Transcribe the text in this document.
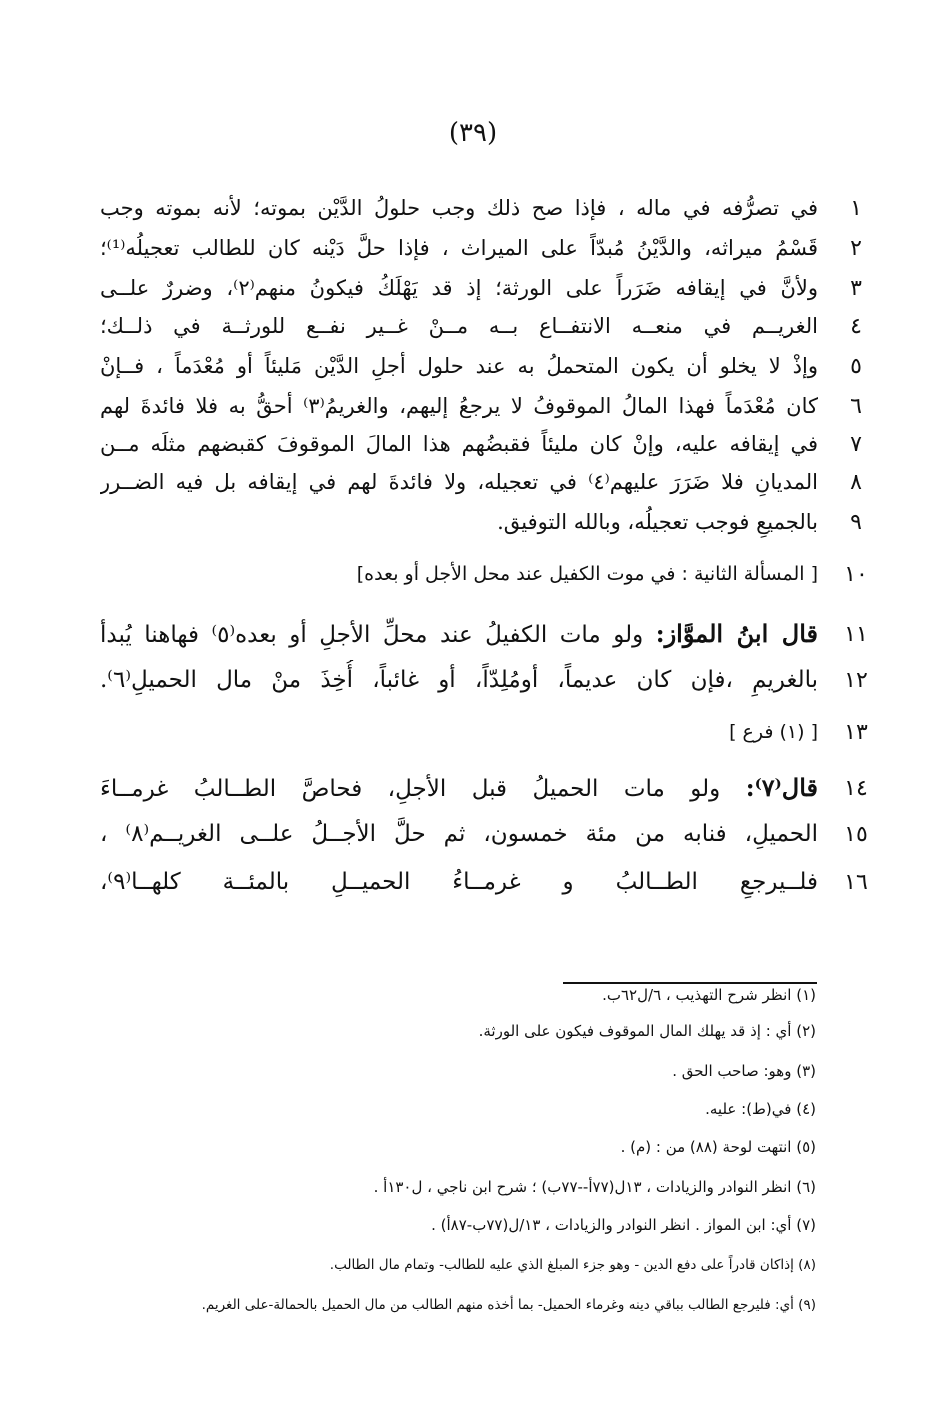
(٣٩)
١
في تصرُّفه في ماله ، فإذا صح ذلك وجب حلولُ الدَّيْن بموته؛ لأنه بموته وجب
٢
قَسْمُ ميراثه، والدَّيْنُ مُبدّاً على الميراث ، فإذا حلَّ دَيْنه كان للطالب تعجيلُه⁽¹⁾؛
٣
ولأنَّ في إيقافه ضَرَراً على الورثة؛ إذ قد يَهْلَكُ فيكونُ منهم⁽٢⁾، وضررٌ علــى
٤
الغريــم في منعــه الانتفــاع بــه مــنْ غــير نفــع للورثــة في ذلــك؛
٥
وإذْ لا يخلو أن يكون المتحملُ به عند حلول أجلِ الدَّيْن مَليئاً أو مُعْدَماً ، فــإنْ
٦
كان مُعْدَماً فهذا المالُ الموقوفُ لا يرجعُ إليهم، والغريمُ⁽٣⁾ أحقُّ به فلا فائدةَ لهم
٧
في إيقافه عليه، وإنْ كان مليئاً فقبضُهم هذا المالَ الموقوفَ كقبضهم مثلَه مــن
٨
المديانِ فلا ضَرَرَ عليهم⁽٤⁾ في تعجيله، ولا فائدةَ لهم في إيقافه بل فيه الضــرر
٩
بالجميعِ فوجب تعجيلُه، وبالله التوفيق.
١٠
[ المسألة الثانية : في موت الكفيل عند محل الأجل أو بعده]
١١
قال ابنُ الموَّاز: ولو مات الكفيلُ عند محلِّ الأجلِ أو بعده⁽٥⁾ فهاهنا يُبدأ
١٢
بالغريمِ ،فإن كان عديماً، أومُلِدّاً، أو غائباً، أُخِذَ منْ مال الحميلِ⁽٦⁾.
١٣
[ (١) فرع ]
١٤
قال⁽٧⁾: ولو مات الحميلُ قبل الأجلِ، فحاصَّ الطــالبُ غرمــاءَ
١٥
الحميلِ، فنابه من مئة خمسون، ثم حلَّ الأجــلُ علــى الغريــم⁽٨⁾ ،
١٦
فلــيرجعِ الطــالبُ و غرمــاءُ الحميــلِ بالمئــة كلهــا⁽٩⁾،
(١) انظر شرح التهذيب ، ٦/ل٦٢ب.
(٢) أي : إذ قد يهلك المال الموقوف فيكون على الورثة.
(٣) وهو: صاحب الحق .
(٤) في(ط): عليه.
(٥) انتهت لوحة (٨٨) من : (م) .
(٦) انظر النوادر والزيادات ، ١٣ل(٧٧أ--٧٧ب) ؛ شرح ابن ناجي ، ل١٣٠أ .
(٧) أي: ابن المواز . انظر النوادر والزيادات ، ١٣/ل(٧٧ب-٨٧أ) .
(٨) إذاكان قادراً على دفع الدين - وهو جزء المبلغ الذي عليه للطالب- وتمام مال الطالب.
(٩) أي: فليرجع الطالب بباقي دينه وغرماء الحميل- بما أخذه منهم الطالب من مال الحميل بالحمالة-على الغريم.
